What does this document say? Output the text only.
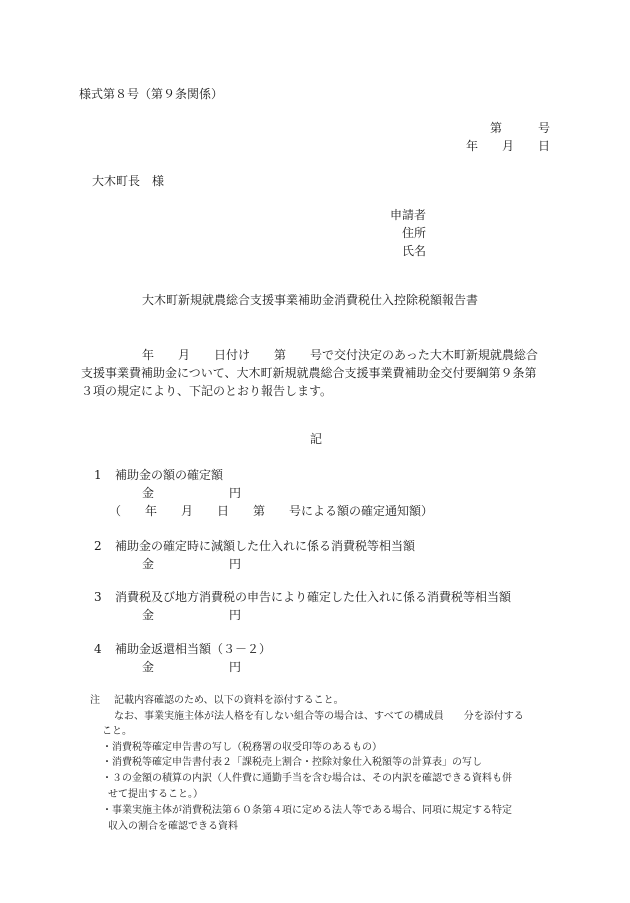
様式第８号（第９条関係）
第　　　号
年　　月　　日
大木町長　様
申請者
住所
氏名
大木町新規就農総合支援事業補助金消費税仕入控除税額報告書
年　　月　　日付け　　第　　号で交付決定のあった大木町新規就農総合
支援事業費補助金について、大木町新規就農総合支援事業費補助金交付要綱第９条第
３項の規定により、下記のとおり報告します。
記
1 補助金の額の確定額
金	円
（　　年　　月　　日　　第　　号による額の確定通知額）
2 補助金の確定時に減額した仕入れに係る消費税等相当額
金	円
3 消費税及び地方消費税の申告により確定した仕入れに係る消費税等相当額
金	円
4 補助金返還相当額（３－２）
金	円
注 記載内容確認のため、以下の資料を添付すること。
なお、事業実施主体が法人格を有しない組合等の場合は、すべての構成員　　分を添付する
こと。
・消費税等確定申告書の写し（税務署の収受印等のあるもの）
・消費税等確定申告書付表２「課税売上割合・控除対象仕入税額等の計算表」の写し
・３の金額の積算の内訳（人件費に通勤手当を含む場合は、その内訳を確認できる資料も併
せて提出すること。）
・事業実施主体が消費税法第６０条第４項に定める法人等である場合、同項に規定する特定
収入の割合を確認できる資料
